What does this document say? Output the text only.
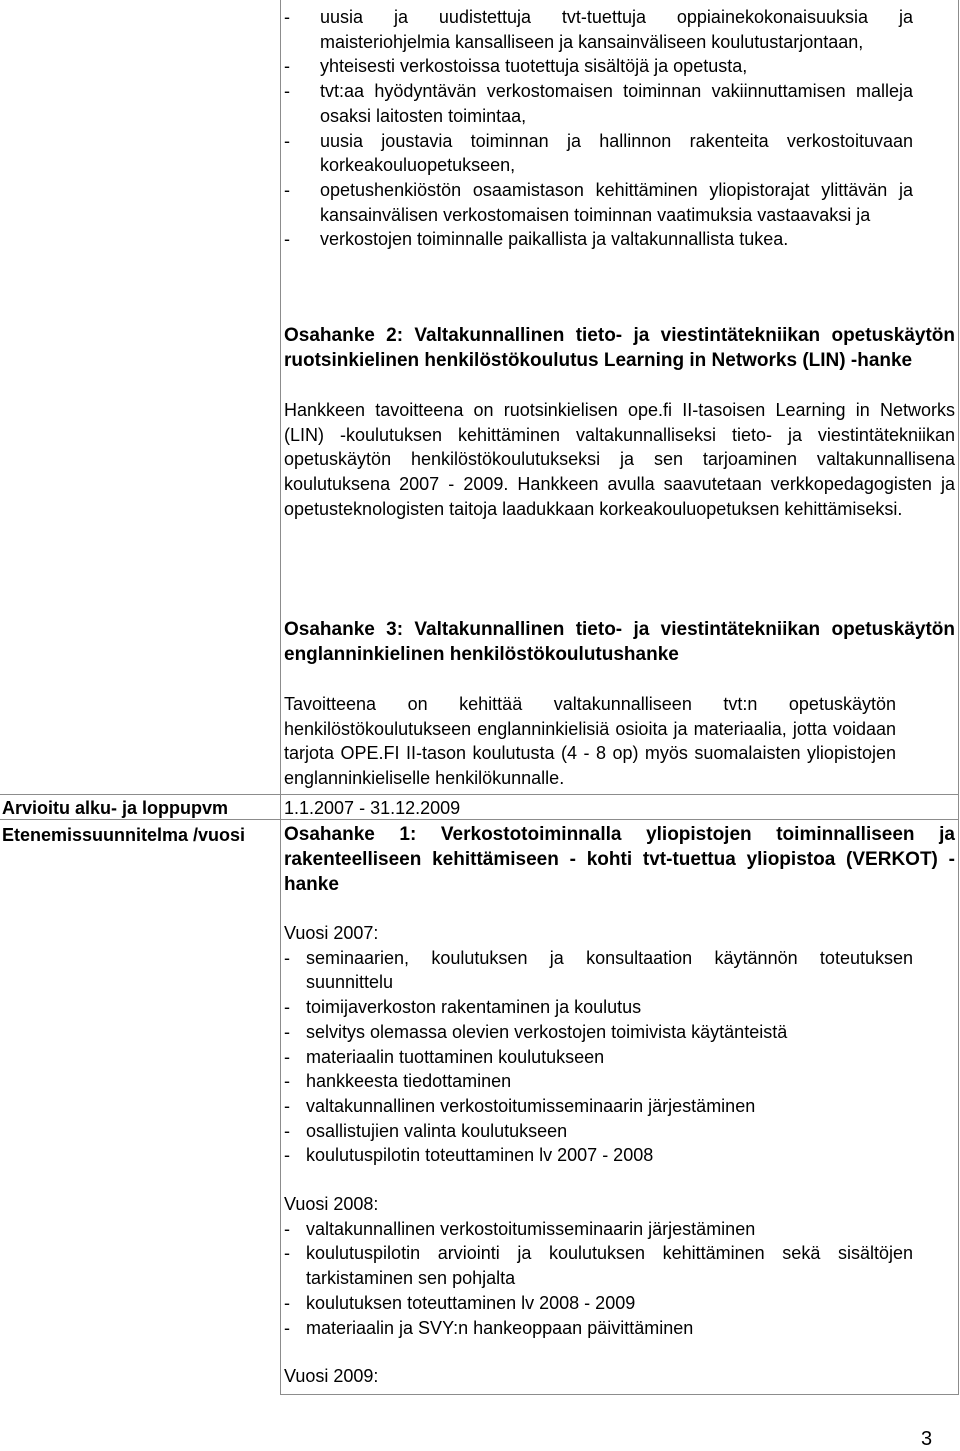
- uusia ja uudistettuja tvt-tuettuja oppiainekokonaisuuksia ja maisteriohjelmia kansalliseen ja kansainväliseen koulutustarjontaan,
- yhteisesti verkostoissa tuotettuja sisältöjä ja opetusta,
- tvt:aa hyödyntävän verkostomaisen toiminnan vakiinnuttamisen malleja osaksi laitosten toimintaa,
- uusia joustavia toiminnan ja hallinnon rakenteita verkostoituvaan korkeakouluopetukseen,
- opetushenkiöstön osaamistason kehittäminen yliopistorajat ylittävän ja kansainvälisen verkostomaisen toiminnan vaatimuksia vastaavaksi ja
- verkostojen toiminnalle paikallista ja valtakunnallista tukea.
Osahanke 2: Valtakunnallinen tieto- ja viestintätekniikan opetuskäytön ruotsinkielinen henkilöstökoulutus Learning in Networks (LIN) -hanke
Hankkeen tavoitteena on ruotsinkielisen ope.fi II-tasoisen Learning in Networks (LIN) -koulutuksen kehittäminen valtakunnalliseksi tieto- ja viestintätekniikan opetuskäytön henkilöstökoulutukseksi ja sen tarjoaminen valtakunnallisena koulutuksena 2007 - 2009. Hankkeen avulla saavutetaan verkkopedagogisten ja opetusteknologisten taitoja laadukkaan korkeakouluopetuksen kehittämiseksi.
Osahanke 3: Valtakunnallinen tieto- ja viestintätekniikan opetuskäytön englanninkielinen henkilöstökoulutushanke
Tavoitteena on kehittää valtakunnalliseen tvt:n opetuskäytön henkilöstökoulutukseen englanninkielisiä osioita ja materiaalia, jotta voidaan tarjota OPE.FI II-tason koulutusta (4 - 8 op) myös suomalaisten yliopistojen englanninkieliselle henkilökunnalle.
Arvioitu alku- ja loppupvm	1.1.2007 - 31.12.2009
Etenemissuunnitelma /vuosi Osahanke 1: Verkostotoiminnalla yliopistojen toiminnalliseen ja rakenteelliseen kehittämiseen - kohti tvt-tuettua yliopistoa (VERKOT) -hanke
Vuosi 2007:
- seminaarien, koulutuksen ja konsultaation käytännön toteutuksen suunnittelu
- toimijaverkoston rakentaminen ja koulutus
- selvitys olemassa olevien verkostojen toimivista käytänteistä
- materiaalin tuottaminen koulutukseen
- hankkeesta tiedottaminen
- valtakunnallinen verkostoitumisseminaarin järjestäminen
- osallistujien valinta koulutukseen
- koulutuspilotin toteuttaminen lv 2007 - 2008
Vuosi 2008:
- valtakunnallinen verkostoitumisseminaarin järjestäminen
- koulutuspilotin arviointi ja koulutuksen kehittäminen sekä sisältöjen tarkistaminen sen pohjalta
- koulutuksen toteuttaminen lv 2008 - 2009
- materiaalin ja SVY:n hankeoppaan päivittäminen
Vuosi 2009:
3
